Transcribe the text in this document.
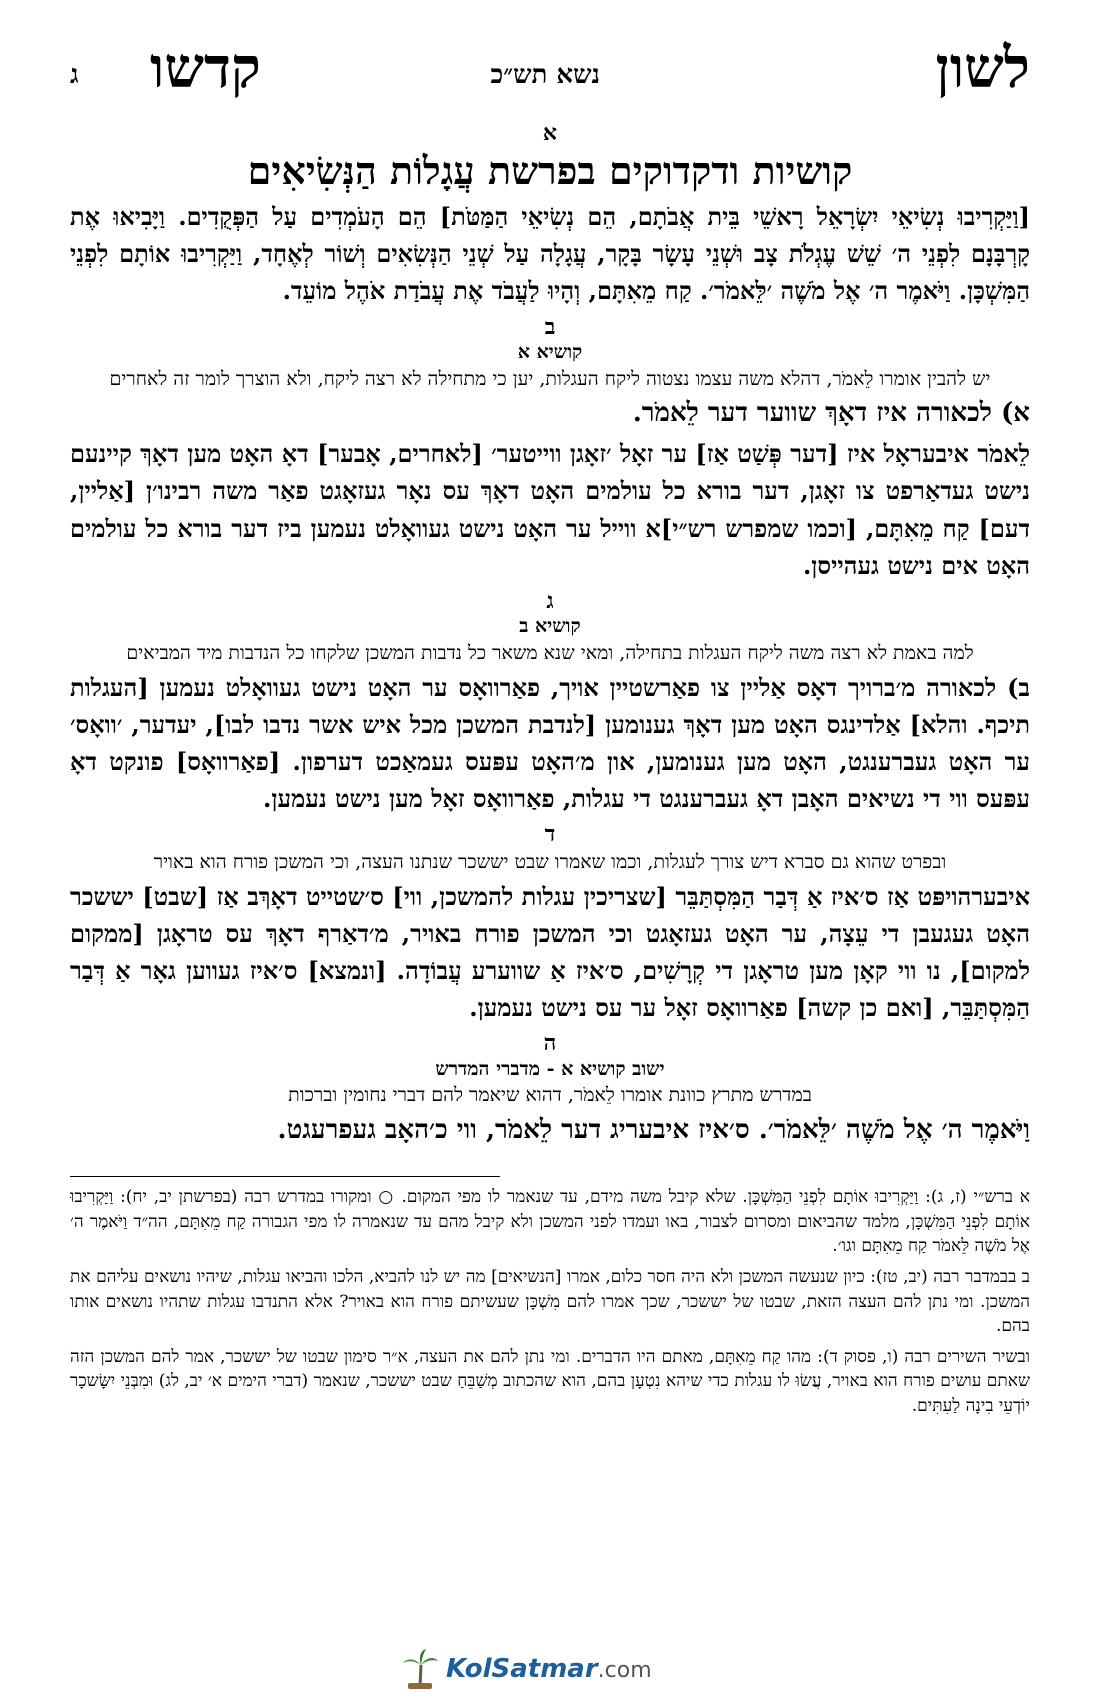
לשון
נשא תש״כ
קדשו
ג

א

קושיות ודקדוקים בפרשת עֲגָלוֹת הַנְּשִׂיאִים

[וַיַּקְרִיבוּ נְשִׂיאֵי יִשְׂרָאֵל רָאשֵׁי בֵּית אֲבֹתָם, הֵם נְשִׂיאֵי הַמַּטֹּת] הֵם הָעֹמְדִים עַל הַפְּקֻדִים. וַיָּבִיאוּ אֶת קָרְבָּנָם לִפְנֵי ה׳ שֵׁשׁ עֶגְלֹת צָב וּשְׁנֵי עָשָׂר בָּקָר, עֲגָלָה עַל שְׁנֵי הַנְּשִׂאִים וְשׁוֹר לְאֶחָד, וַיַּקְרִיבוּ אוֹתָם לִפְנֵי הַמִּשְׁכָּן. וַיֹּאמֶר ה׳ אֶל מֹשֶׁה ׳לֵּאמֹר׳. קַח מֵאִתָּם, וְהָיוּ לַעֲבֹד אֶת עֲבֹדַת אֹהֶל מוֹעֵד.

ב

קושיא א

יש להבין אומרו לֵאמֹר, דהלא משה עצמו נצטוה ליקח העגלות, יען כי מתחילה לא רצה ליקח, ולא הוצרך לומר זה לאחרים

א) לכאורה איז דאָךְ שווער דער לֵאמֹר.

לֵאמֹר איבעראָל איז [דער פְּשַׁט אַז] ער זאָל ׳זאָגן ווייטער׳ [לאחרים, אָבער] דאָ האָט מען דאָךְ קיינעם נישט געדאַרפט צו זאָגן, דער בורא כל עולמים האָט דאָךְ עס נאָר געזאָגט פאַר משה רבינו׳ן [אַליין, דעם] קַח מֵאִתָּם, [וכמו שמפרש רש״י]א ווייל ער האָט נישט געוואָלט נעמען ביז דער בורא כל עולמים האָט אים נישט געהייסן.

ג

קושיא ב

למה באמת לא רצה משה ליקח העגלות בתחילה, ומאי שנא משאר כל נדבות המשכן שלקחו כל הנדבות מיד המביאים

ב) לכאורה מ׳ברויך דאָס אַליין צו פאַרשטיין אויך, פאַרוואָס ער האָט נישט געוואָלט נעמען [העגלות תיכף. והלא] אַלדינגס האָט מען דאָךְ גענומען [לנדבת המשכן מכל איש אשר נדבו לבו], יעדער, ׳וואָס׳ ער האָט געברענגט, האָט מען גענומען, און מ׳האָט עפּעס געמאַכט דערפון. [פאַרוואָס] פונקט דאָ עפּעס ווי די נשיאים האָבן דאָ געברענגט די עגלות, פאַרוואָס זאָל מען נישט נעמען.

ד

ובפרט שהוא גם סברא דיש צורך לעגלות, וכמו שאמרו שבט יששכר שנתנו העצה, וכי המשכן פורח הוא באויר

איבערהויפּט אַז ס׳איז אַ דְּבַר הַמִּסְתַּבֵּר [שצריכין עגלות להמשכן, ווי] ס׳שטייט דאָךְב אַז [שבט] יששכר האָט געגעבן די עֵצָה, ער האָט געזאָגט וכי המשכן פורח באויר, מ׳דאַרף דאָךְ עס טראָגן [ממקום למקום], נו ווי קאָן מען טראָגן די קְרָשִׁים, ס׳איז אַ שווערע עֲבוֹדָה. [ונמצא] ס׳איז געווען גאָר אַ דְּבַר הַמִּסְתַּבֵּר, [ואם כן קשה] פאַרוואָס זאָל ער עס נישט נעמען.

ה

ישוב קושיא א - מדברי המדרש

במדרש מתרץ כוונת אומרו לֵאמֹר, דהוא שיאמר להם דברי נחומין וברכות

וַיֹּאמֶר ה׳ אֶל מֹשֶׁה ׳לֵּאמֹר׳. ס׳איז איבעריג דער לֵאמֹר, ווי כ׳האָב געפרעגט.

א ברש״י (ז, ג): וַיַּקְרִיבוּ אוֹתָם לִפְנֵי הַמִּשְׁכָּן. שלא קיבל משה מידם, עד שנאמר לו מפי המקום. ○ ומקורו במדרש רבה (בפרשתן יב, יח): וַיַּקְרִיבוּ אוֹתָם לִפְנֵי הַמִּשְׁכָּן, מלמד שהביאום ומסרום לצבור, באו ועמדו לפני המשכן ולא קיבל מהם עד שנאמרה לו מפי הגבורה קַח מֵאִתָּם, הה״ד וַיֹּאמֶר ה׳ אֶל מֹשֶׁה לֵּאמֹר קַח מֵאִתָּם וגו׳.

ב בבמדבר רבה (יב, טז): כיון שנעשה המשכן ולא היה חסר כלום, אמרו [הנשיאים] מה יש לנו להביא, הלכו והביאו עגלות, שיהיו נושאים עליהם את המשכן. ומי נתן להם העצה הזאת, שבטו של יששכר, שכך אמרו להם מִשְׁכָּן שעשיתם פורח הוא באויר? אלא התנדבו עגלות שתהיו נושאים אותו בהם.

ובשיר השירים רבה (ו, פסוק ד): מהו קַח מֵאִתָּם, מאתם היו הדברים. ומי נתן להם את העצה, א״ר סימון שבטו של יששכר, אמר להם המשכן הזה שאתם עושים פורח הוא באויר, עֲשׂוּ לו עגלות כדי שיהא נִטְעָן בהם, הוא שהכתוב מְשַׁבֵּחַ שבט יששכר, שנאמר (דברי הימים א׳ יב, לג) וּמִבְּנֵי יִשָּׂשכָר יוֹדְעֵי בִינָה לַעִתִּים.

KolSatmar.com
